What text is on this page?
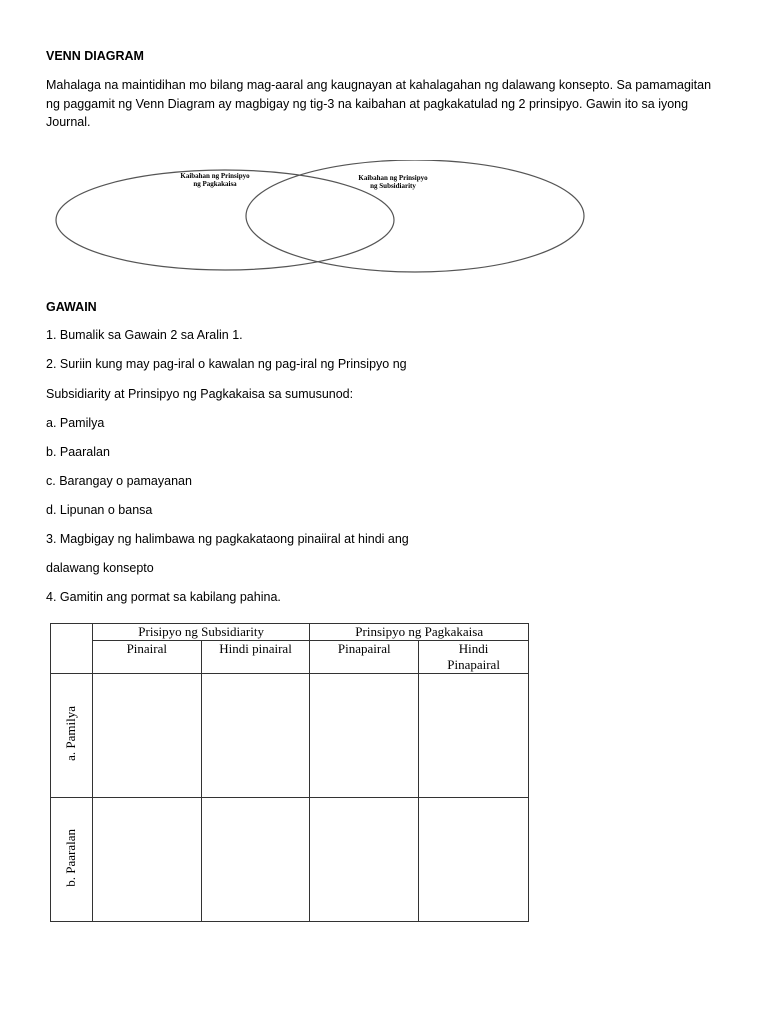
VENN DIAGRAM
Mahalaga na maintidihan mo bilang mag-aaral ang kaugnayan at kahalagahan ng dalawang konsepto. Sa pamamagitan ng paggamit ng Venn Diagram ay magbigay ng tig-3 na kaibahan at pagkakatulad ng 2 prinsipyo. Gawin ito sa iyong Journal.
Kaibahan ng Prinsipyo
ng Pagkakaisa
Kaibahan ng Prinsipyo
ng Subsidiarity
GAWAIN
1. Bumalik sa Gawain 2 sa Aralin 1.
2. Suriin kung may pag-iral o kawalan ng pag-iral ng Prinsipyo ng
Subsidiarity at Prinsipyo ng Pagkakaisa sa sumusunod:
a. Pamilya
b. Paaralan
c. Barangay o pamayanan
d. Lipunan o bansa
3. Magbigay ng halimbawa ng pagkakataong pinaiiral at hindi ang
dalawang konsepto
4. Gamitin ang pormat sa kabilang pahina.
	Prisipyo ng Subsidiarity		Prinsipyo ng Pagkakaisa	
	Pinairal	Hindi pinairal	Pinapairal	Hindi
Pinapairal

a. Pamilya				
b. Paaralan				
